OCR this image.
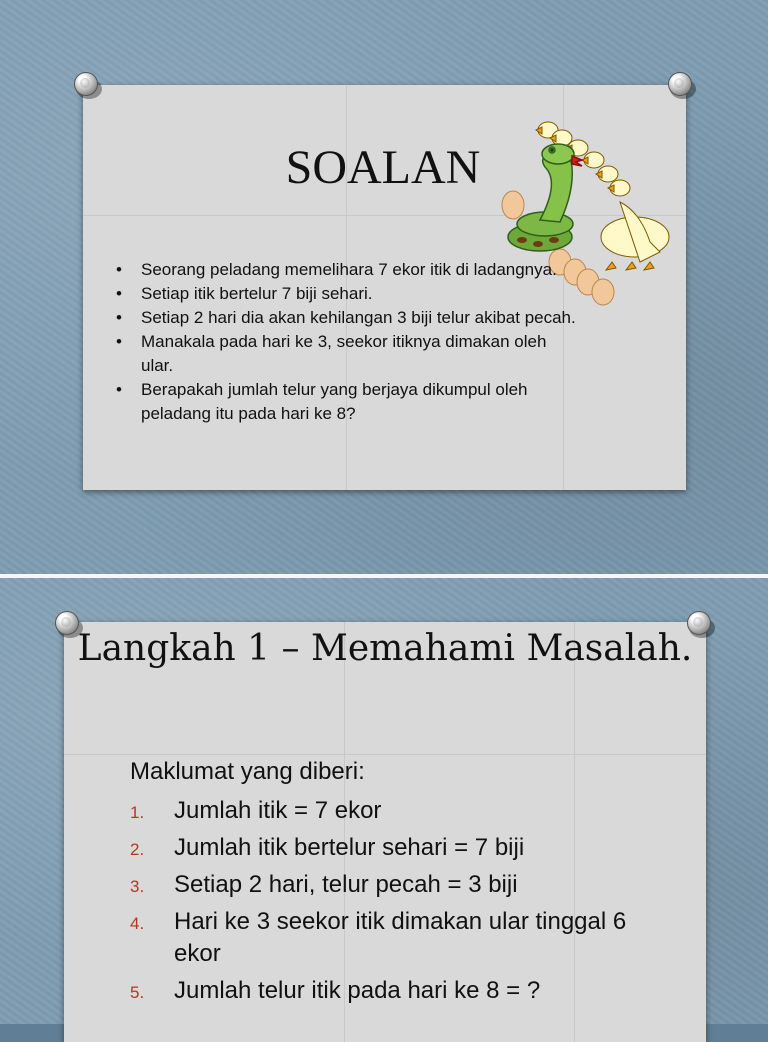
SOALAN
• Seorang peladang memelihara 7 ekor itik di ladangnya.
• Setiap itik bertelur 7 biji sehari.
• Setiap 2 hari dia akan kehilangan 3 biji telur akibat pecah.
• Manakala pada hari ke 3, seekor itiknya dimakan oleh ular.
• Berapakah jumlah telur yang berjaya dikumpul oleh peladang itu pada hari ke 8?
Langkah 1 – Memahami Masalah.
Maklumat yang diberi:
1. Jumlah itik = 7 ekor
2. Jumlah itik bertelur sehari = 7 biji
3. Setiap 2 hari, telur pecah = 3 biji
4. Hari ke 3 seekor itik dimakan ular tinggal 6 ekor
5. Jumlah telur itik pada hari ke 8 = ?
